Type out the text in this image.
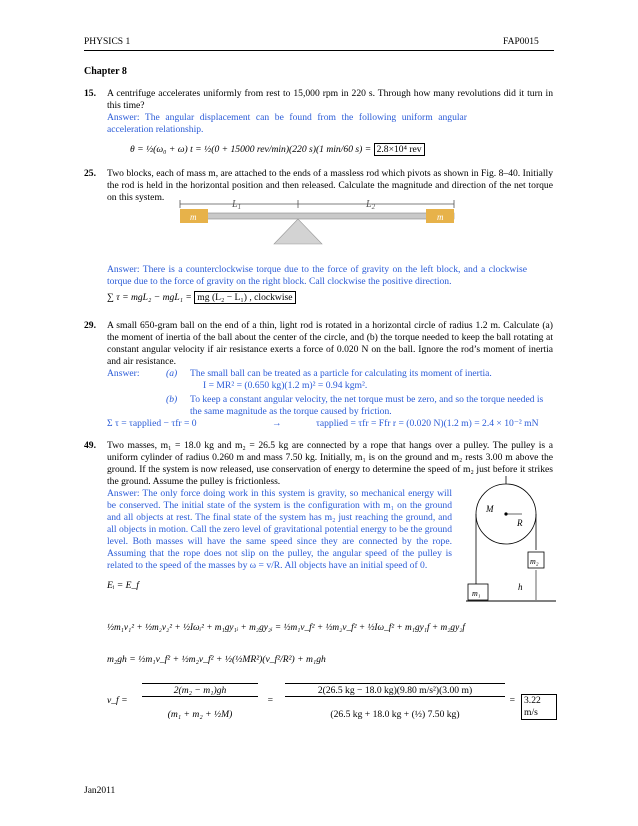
PHYSICS 1	FAP0015
Chapter 8
15. A centrifuge accelerates uniformly from rest to 15,000 rpm in 220 s. Through how many revolutions did it turn in this time?
Answer: The angular displacement can be found from the following uniform angular acceleration relationship.
θ = ½(ω₀ + ω) t = ½(0 + 15000 rev/min)(220 s)(1 min/60 s) = 2.8×10⁴ rev
25. Two blocks, each of mass m, are attached to the ends of a massless rod which pivots as shown in Fig. 8–40. Initially the rod is held in the horizontal position and then released. Calculate the magnitude and direction of the net torque on this system.
$L_1$	$L_2$
m	m
Answer: There is a counterclockwise torque due to the force of gravity on the left block, and a clockwise torque due to the force of gravity on the right block. Call clockwise the positive direction.
∑ τ = mgL₂ − mgL₁ = mg (L₂ − L₁) , clockwise
29. A small 650-gram ball on the end of a thin, light rod is rotated in a horizontal circle of radius 1.2 m. Calculate (a) the moment of inertia of the ball about the center of the circle, and (b) the torque needed to keep the ball rotating at constant angular velocity if air resistance exerts a force of 0.020 N on the ball. Ignore the rod’s moment of inertia and air resistance.
Answer:	(a) The small ball can be treated as a particle for calculating its moment of inertia.
I = MR² = (0.650 kg)(1.2 m)² = 0.94 kgm².
(b) To keep a constant angular velocity, the net torque must be zero, and so the torque needed is the same magnitude as the torque caused by friction.
Σ τ = τapplied − τfr = 0	→	τapplied = τfr = Ffr r = (0.020 N)(1.2 m) = 2.4 × 10⁻² mN
49. Two masses, m₁ = 18.0 kg and m₂ = 26.5 kg are connected by a rope that hangs over a pulley. The pulley is a uniform cylinder of radius 0.260 m and mass 7.50 kg. Initially, m₁ is on the ground and m₂ rests 3.00 m above the ground. If the system is now released, use conservation of energy to determine the speed of m₂ just before it strikes the ground. Assume the pulley is frictionless.
Answer: The only force doing work in this system is gravity, so mechanical energy will be conserved. The initial state of the system is the configuration with m₁ on the ground and all objects at rest. The final state of the system has m₂ just reaching the ground, and all objects in motion. Call the zero level of gravitational potential energy to be the ground level. Both masses will have the same speed since they are connected by the rope. Assuming that the rope does not slip on the pulley, the angular speed of the pulley is related to the speed of the masses by ω = v/R. All objects have an initial speed of 0.
M
R
m₂
m₁
h
Eᵢ = E_f
½m₁v₁² + ½m₂v₂² + ½Iωᵢ² + m₁gy₁ᵢ + m₂gy₂ᵢ = ½m₁v_f² + ½m₂v_f² + ½Iω_f² + m₁gy₁f + m₂gy₂f
m₂gh = ½m₁v_f² + ½m₂v_f² + ½(½MR²)(v_f²/R²) + m₁gh
v_f =
2(m₂ − m₁)gh
(m₁ + m₂ + ½M)
=
2(26.5 kg − 18.0 kg)(9.80 m/s²)(3.00 m)
(26.5 kg + 18.0 kg + (½) 7.50 kg)
= 3.22 m/s
Jan2011
